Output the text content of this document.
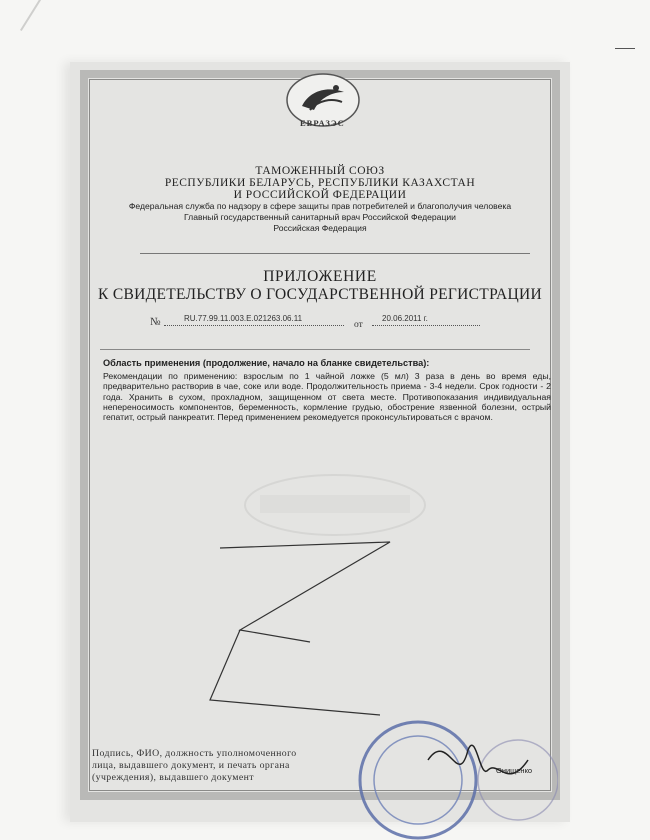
ЕВРАЗЭС
ТАМОЖЕННЫЙ СОЮЗ
РЕСПУБЛИКИ БЕЛАРУСЬ, РЕСПУБЛИКИ КАЗАХСТАН
И РОССИЙСКОЙ ФЕДЕРАЦИИ
Федеральная служба по надзору в сфере защиты прав потребителей и благополучия человека
Главный государственный санитарный врач Российской Федерации
Российская Федерация
ПРИЛОЖЕНИЕ
К СВИДЕТЕЛЬСТВУ О ГОСУДАРСТВЕННОЙ РЕГИСТРАЦИИ
№	RU.77.99.11.003.Е.021263.06.11
от
20.06.2011 г.
Область применения (продолжение, начало на бланке свидетельства):
Рекомендации по применению: взрослым по 1 чайной ложке (5 мл) 3 раза в день во время еды, предварительно растворив в чае, соке или воде. Продолжительность приема - 3-4 недели. Срок годности - 2 года. Хранить в сухом, прохладном, защищенном от света месте. Противопоказания индивидуальная непереносимость компонентов, беременность, кормление грудью, обострение язвенной болезни, острый гепатит, острый панкреатит. Перед применением рекомедуется проконсультироваться с врачом.
Подпись, ФИО, должность уполномоченного
лица, выдавшего документ, и печать органа
(учреждения), выдавшего документ
Онищенко
